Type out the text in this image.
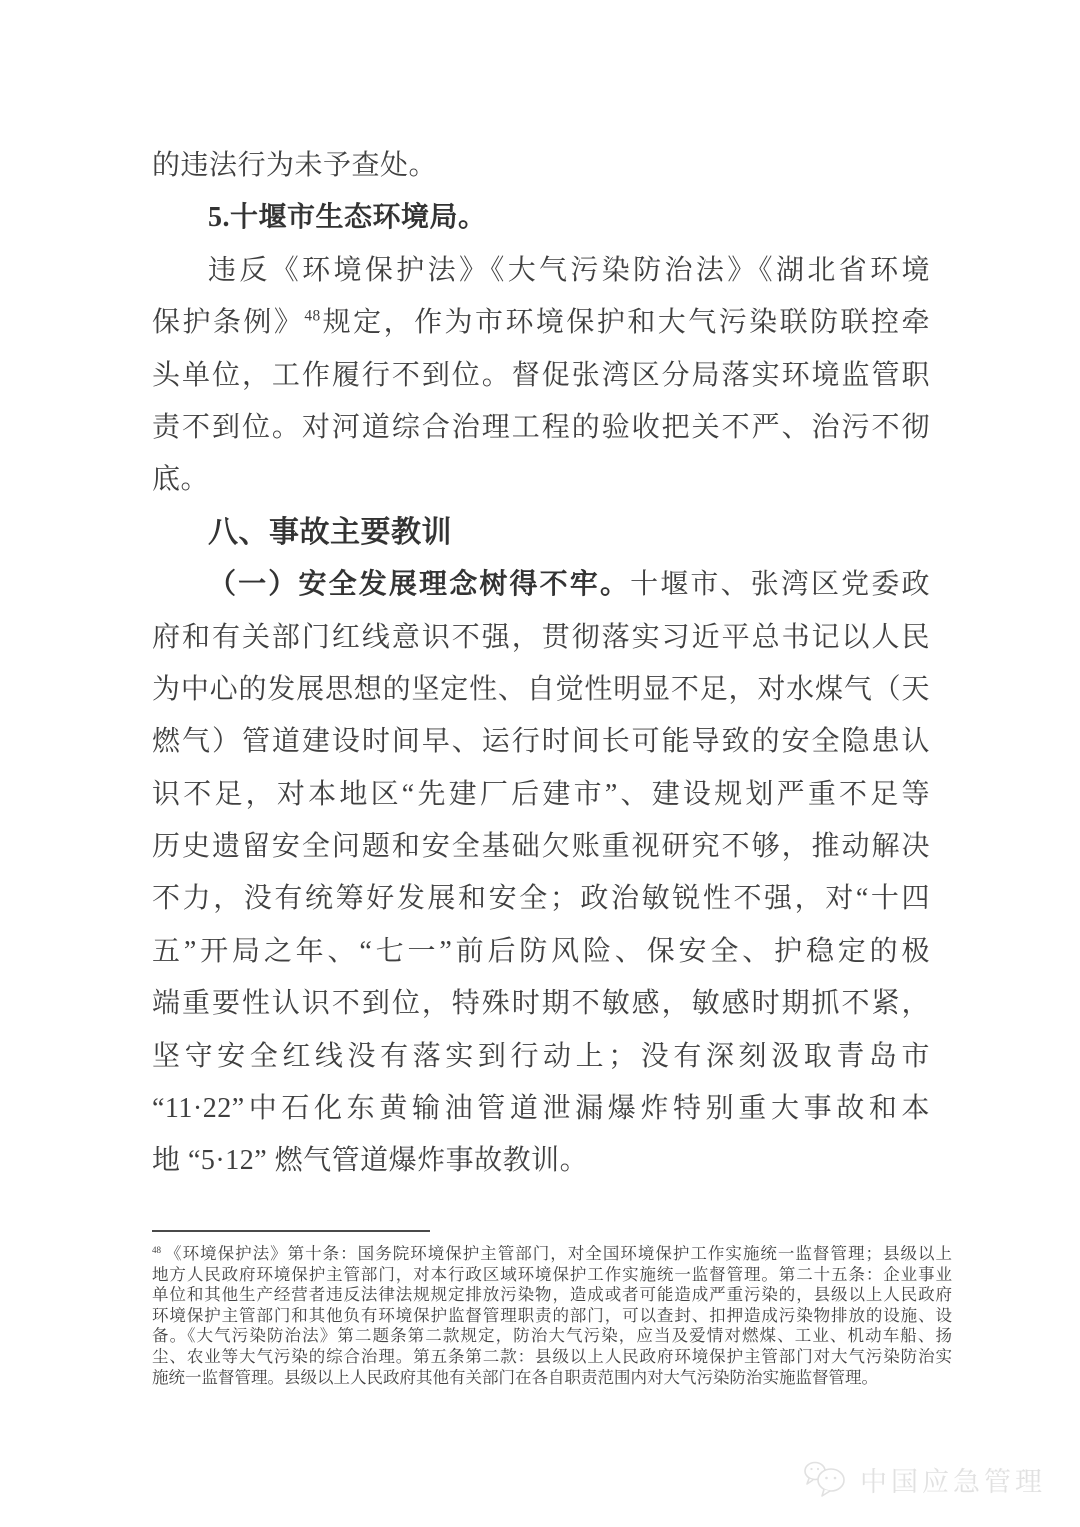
的违法行为未予查处。
5.十堰市生态环境局。
违反《环境保护法》《大气污染防治法》《湖北省环境
保护条例》$^{48}$规定，作为市环境保护和大气污染联防联控牵
头单位，工作履行不到位。督促张湾区分局落实环境监管职
责不到位。对河道综合治理工程的验收把关不严、治污不彻
底。
八、事故主要教训
（一）安全发展理念树得不牢。十堰市、张湾区党委政
府和有关部门红线意识不强，贯彻落实习近平总书记以人民
为中心的发展思想的坚定性、自觉性明显不足，对水煤气（天
燃气）管道建设时间早、运行时间长可能导致的安全隐患认
识不足，对本地区“先建厂后建市”、建设规划严重不足等
历史遗留安全问题和安全基础欠账重视研究不够，推动解决
不力，没有统筹好发展和安全；政治敏锐性不强，对“十四
五”开局之年、“七一”前后防风险、保安全、护稳定的极
端重要性认识不到位，特殊时期不敏感，敏感时期抓不紧，
坚守安全红线没有落实到行动上；没有深刻汲取青岛市
“11·22”中石化东黄输油管道泄漏爆炸特别重大事故和本
地 “5·12” 燃气管道爆炸事故教训。
$^{48}$ 《环境保护法》第十条：国务院环境保护主管部门，对全国环境保护工作实施统一监督管理；县级以上
地方人民政府环境保护主管部门，对本行政区域环境保护工作实施统一监督管理。第二十五条：企业事业
单位和其他生产经营者违反法律法规规定排放污染物，造成或者可能造成严重污染的，县级以上人民政府
环境保护主管部门和其他负有环境保护监督管理职责的部门，可以查封、扣押造成污染物排放的设施、设
备。《大气污染防治法》第二题条第二款规定，防治大气污染，应当及爱情对燃煤、工业、机动车船、扬
尘、农业等大气污染的综合治理。第五条第二款：县级以上人民政府环境保护主管部门对大气污染防治实
施统一监督管理。县级以上人民政府其他有关部门在各自职责范围内对大气污染防治实施监督管理。
中国应急管理
